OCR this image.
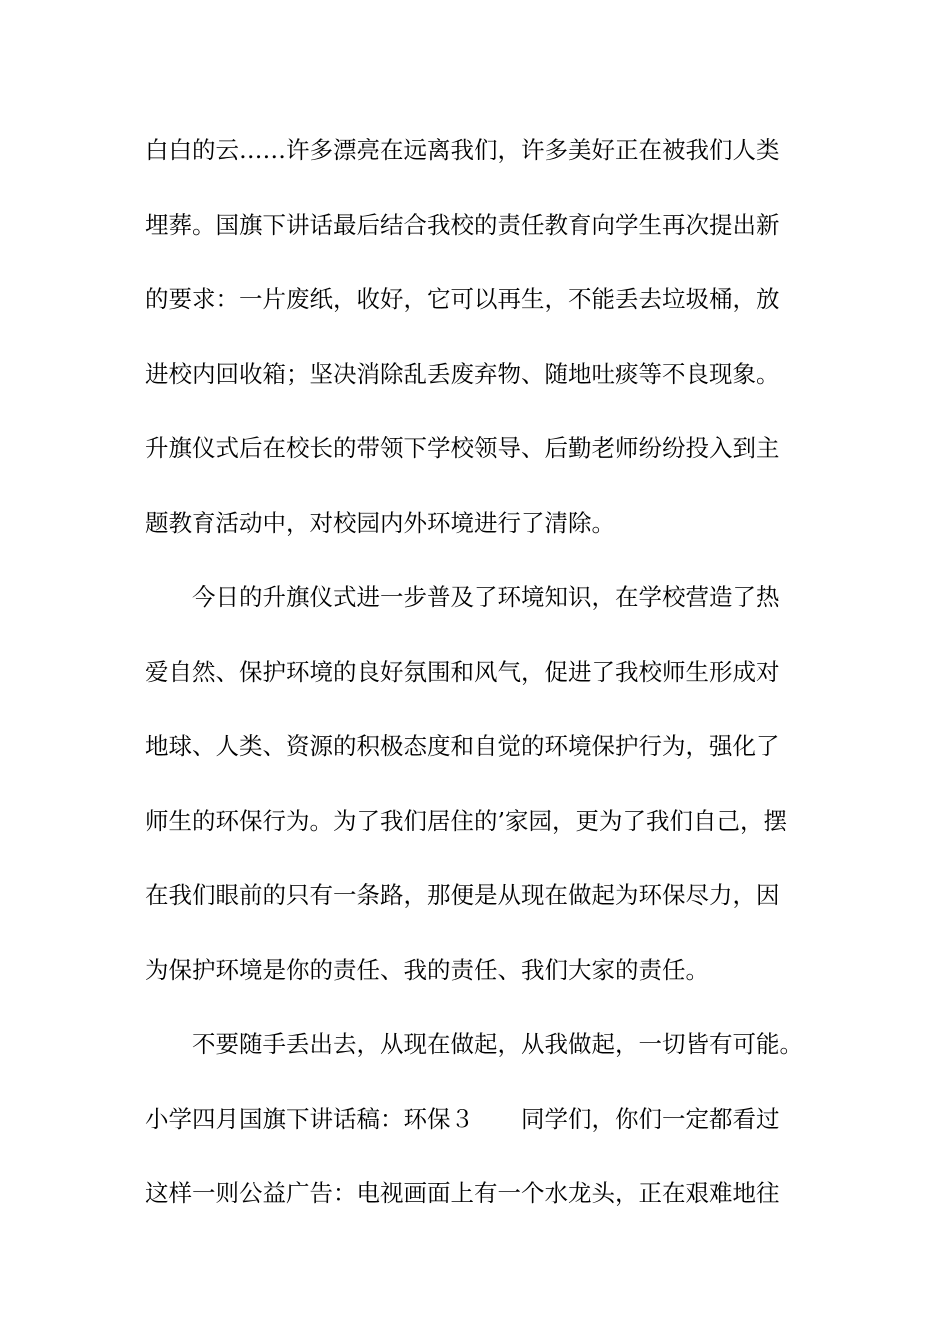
白白的云……许多漂亮在远离我们，许多美好正在被我们人类
埋葬。国旗下讲话最后结合我校的责任教育向学生再次提出新
的要求：一片废纸，收好，它可以再生，不能丢去垃圾桶，放
进校内回收箱；坚决消除乱丢废弃物、随地吐痰等不良现象。
升旗仪式后在校长的带领下学校领导、后勤老师纷纷投入到主
题教育活动中，对校园内外环境进行了清除。
今日的升旗仪式进一步普及了环境知识，在学校营造了热
爱自然、保护环境的良好氛围和风气，促进了我校师生形成对
地球、人类、资源的积极态度和自觉的环境保护行为，强化了
师生的环保行为。为了我们居住的’家园，更为了我们自己，摆
在我们眼前的只有一条路，那便是从现在做起为环保尽力，因
为保护环境是你的责任、我的责任、我们大家的责任。
不要随手丢出去，从现在做起，从我做起，一切皆有可能。
小学四月国旗下讲话稿：环保３　　同学们，你们一定都看过
这样一则公益广告：电视画面上有一个水龙头，正在艰难地往
